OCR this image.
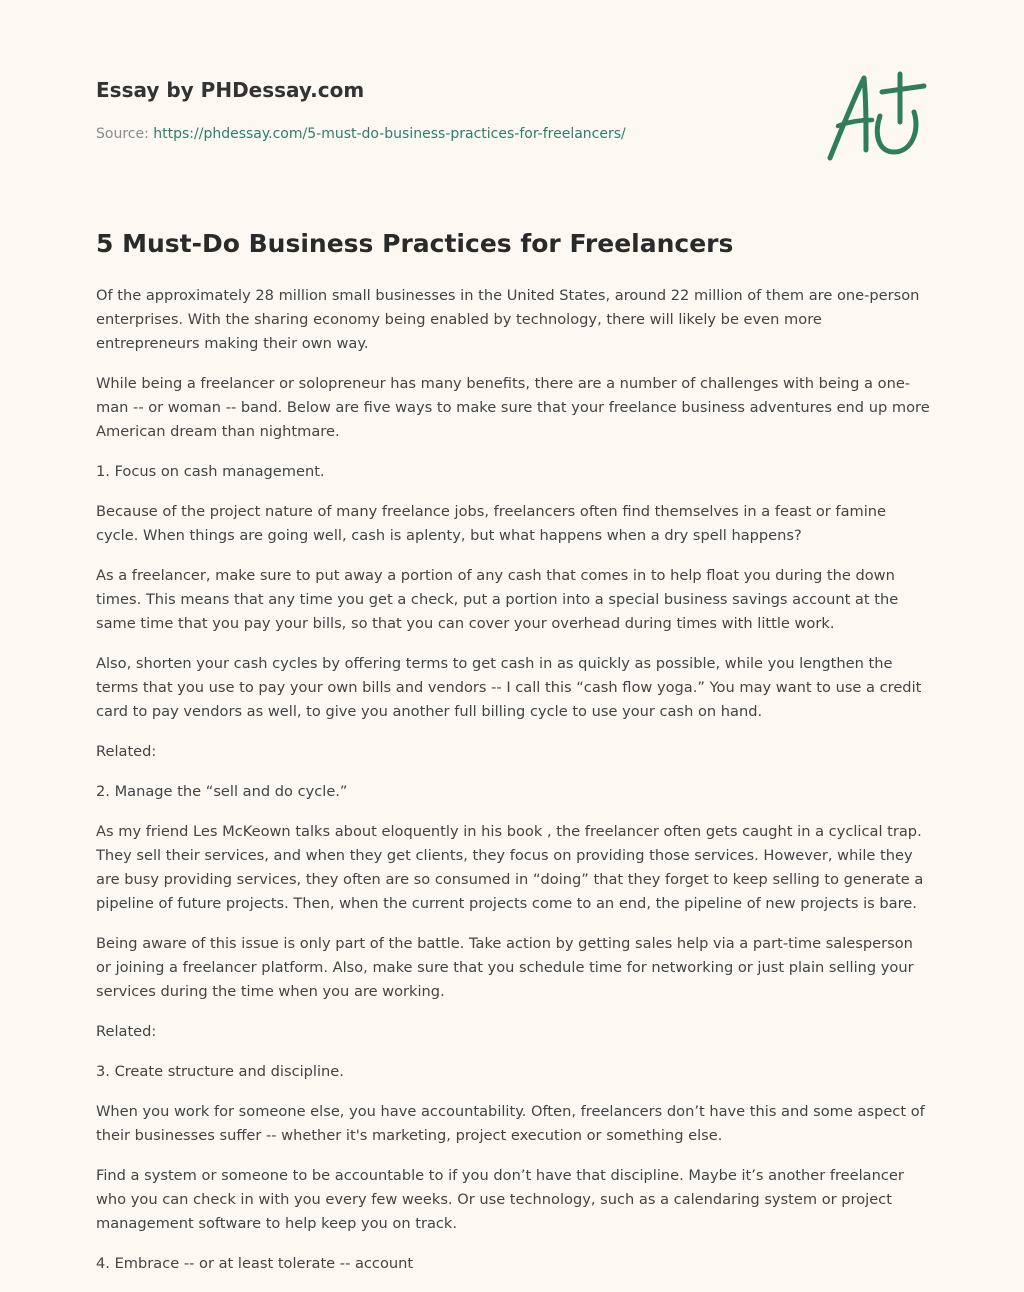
Essay by PHDessay.com
Source: https://phdessay.com/5-must-do-business-practices-for-freelancers/
5 Must-Do Business Practices for Freelancers

Of the approximately 28 million small businesses in the United States, around 22 million of them are one-person enterprises. With the sharing economy being enabled by technology, there will likely be even more entrepreneurs making their own way.

While being a freelancer or solopreneur has many benefits, there are a number of challenges with being a one-man -- or woman -- band. Below are five ways to make sure that your freelance business adventures end up more American dream than nightmare.

1. Focus on cash management.

Because of the project nature of many freelance jobs, freelancers often find themselves in a feast or famine cycle. When things are going well, cash is aplenty, but what happens when a dry spell happens?

As a freelancer, make sure to put away a portion of any cash that comes in to help float you during the down times. This means that any time you get a check, put a portion into a special business savings account at the same time that you pay your bills, so that you can cover your overhead during times with little work.

Also, shorten your cash cycles by offering terms to get cash in as quickly as possible, while you lengthen the terms that you use to pay your own bills and vendors -- I call this “cash flow yoga.” You may want to use a credit card to pay vendors as well, to give you another full billing cycle to use your cash on hand.

Related:

2. Manage the “sell and do cycle.”

As my friend Les McKeown talks about eloquently in his book , the freelancer often gets caught in a cyclical trap. They sell their services, and when they get clients, they focus on providing those services. However, while they are busy providing services, they often are so consumed in “doing” that they forget to keep selling to generate a pipeline of future projects. Then, when the current projects come to an end, the pipeline of new projects is bare.

Being aware of this issue is only part of the battle. Take action by getting sales help via a part-time salesperson or joining a freelancer platform. Also, make sure that you schedule time for networking or just plain selling your services during the time when you are working.

Related:

3. Create structure and discipline.

When you work for someone else, you have accountability. Often, freelancers don’t have this and some aspect of their businesses suffer -- whether it's marketing, project execution or something else.

Find a system or someone to be accountable to if you don’t have that discipline. Maybe it’s another freelancer who you can check in with you every few weeks. Or use technology, such as a calendaring system or project management software to help keep you on track.

4. Embrace -- or at least tolerate -- account
